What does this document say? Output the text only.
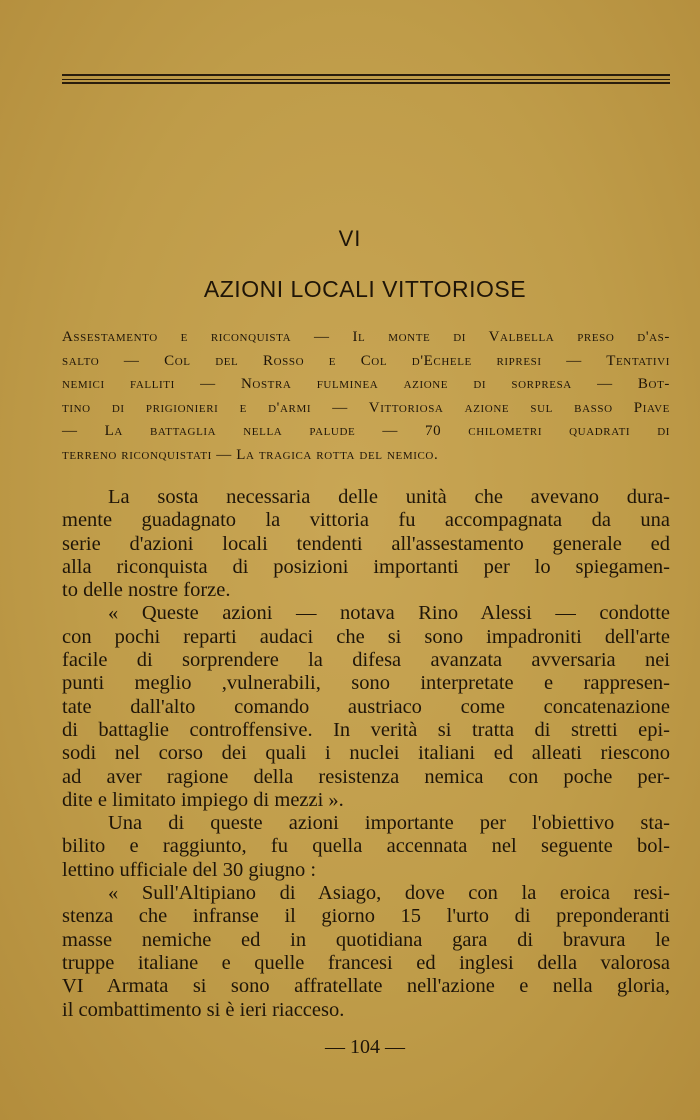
VI
AZIONI LOCALI VITTORIOSE
Assestamento e riconquista — Il monte di Valbella preso d'as-
salto — Col del Rosso e Col d'Echele ripresi — Tentativi
nemici falliti — Nostra fulminea azione di sorpresa — Bot-
tino di prigionieri e d'armi — Vittoriosa azione sul basso Piave
— La battaglia nella palude — 70 chilometri quadrati di
terreno riconquistati — La tragica rotta del nemico.
La sosta necessaria delle unità che avevano dura-
mente guadagnato la vittoria fu accompagnata da una
serie d'azioni locali tendenti all'assestamento generale ed
alla riconquista di posizioni importanti per lo spiegamen-
to delle nostre forze.
« Queste azioni — notava Rino Alessi — condotte
con pochi reparti audaci che si sono impadroniti dell'arte
facile di sorprendere la difesa avanzata avversaria nei
punti meglio ,vulnerabili, sono interpretate e rappresen-
tate dall'alto comando austriaco come concatenazione
di battaglie controffensive. In verità si tratta di stretti epi-
sodi nel corso dei quali i nuclei italiani ed alleati riescono
ad aver ragione della resistenza nemica con poche per-
dite e limitato impiego di mezzi ».
Una di queste azioni importante per l'obiettivo sta-
bilito e raggiunto, fu quella accennata nel seguente bol-
lettino ufficiale del 30 giugno :
« Sull'Altipiano di Asiago, dove con la eroica resi-
stenza che infranse il giorno 15 l'urto di preponderanti
masse nemiche ed in quotidiana gara di bravura le
truppe italiane e quelle francesi ed inglesi della valorosa
VI Armata si sono affratellate nell'azione e nella gloria,
il combattimento si è ieri riacceso.
— 104 —
